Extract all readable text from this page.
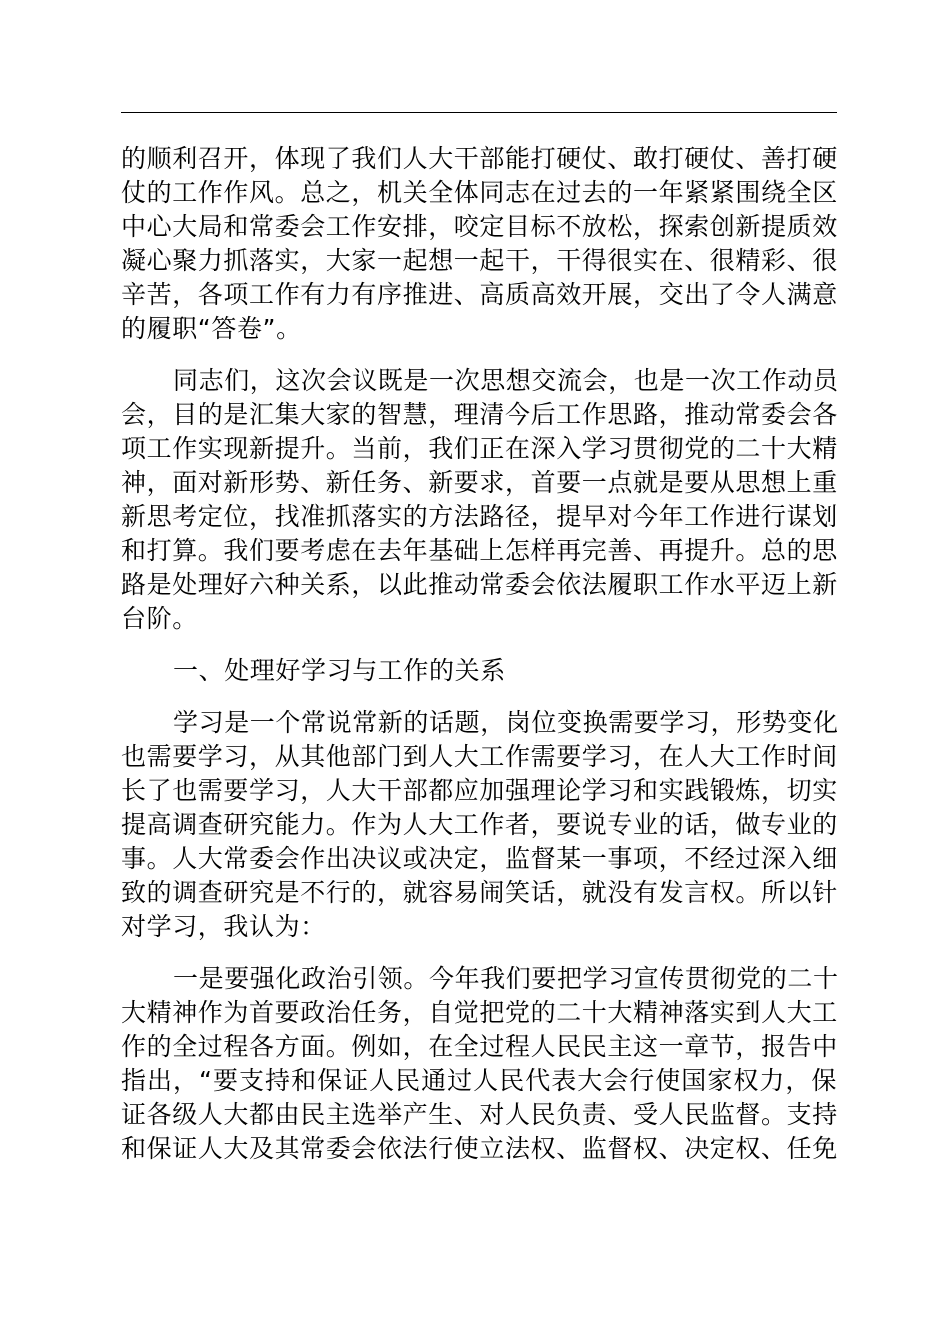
的顺利召开，体现了我们人大干部能打硬仗、敢打硬仗、善打硬
仗的工作作风。总之，机关全体同志在过去的一年紧紧围绕全区
中心大局和常委会工作安排，咬定目标不放松，探索创新提质效
凝心聚力抓落实，大家一起想一起干，干得很实在、很精彩、很
辛苦，各项工作有力有序推进、高质高效开展，交出了令人满意
的履职“答卷”。
同志们，这次会议既是一次思想交流会，也是一次工作动员
会，目的是汇集大家的智慧，理清今后工作思路，推动常委会各
项工作实现新提升。当前，我们正在深入学习贯彻党的二十大精
神，面对新形势、新任务、新要求，首要一点就是要从思想上重
新思考定位，找准抓落实的方法路径，提早对今年工作进行谋划
和打算。我们要考虑在去年基础上怎样再完善、再提升。总的思
路是处理好六种关系，以此推动常委会依法履职工作水平迈上新
台阶。
一、处理好学习与工作的关系
学习是一个常说常新的话题，岗位变换需要学习，形势变化
也需要学习，从其他部门到人大工作需要学习，在人大工作时间
长了也需要学习，人大干部都应加强理论学习和实践锻炼，切实
提高调查研究能力。作为人大工作者，要说专业的话，做专业的
事。人大常委会作出决议或决定，监督某一事项，不经过深入细
致的调查研究是不行的，就容易闹笑话，就没有发言权。所以针
对学习，我认为：
一是要强化政治引领。今年我们要把学习宣传贯彻党的二十
大精神作为首要政治任务，自觉把党的二十大精神落实到人大工
作的全过程各方面。例如，在全过程人民民主这一章节，报告中
指出，“要支持和保证人民通过人民代表大会行使国家权力，保
证各级人大都由民主选举产生、对人民负责、受人民监督。支持
和保证人大及其常委会依法行使立法权、监督权、决定权、任免
